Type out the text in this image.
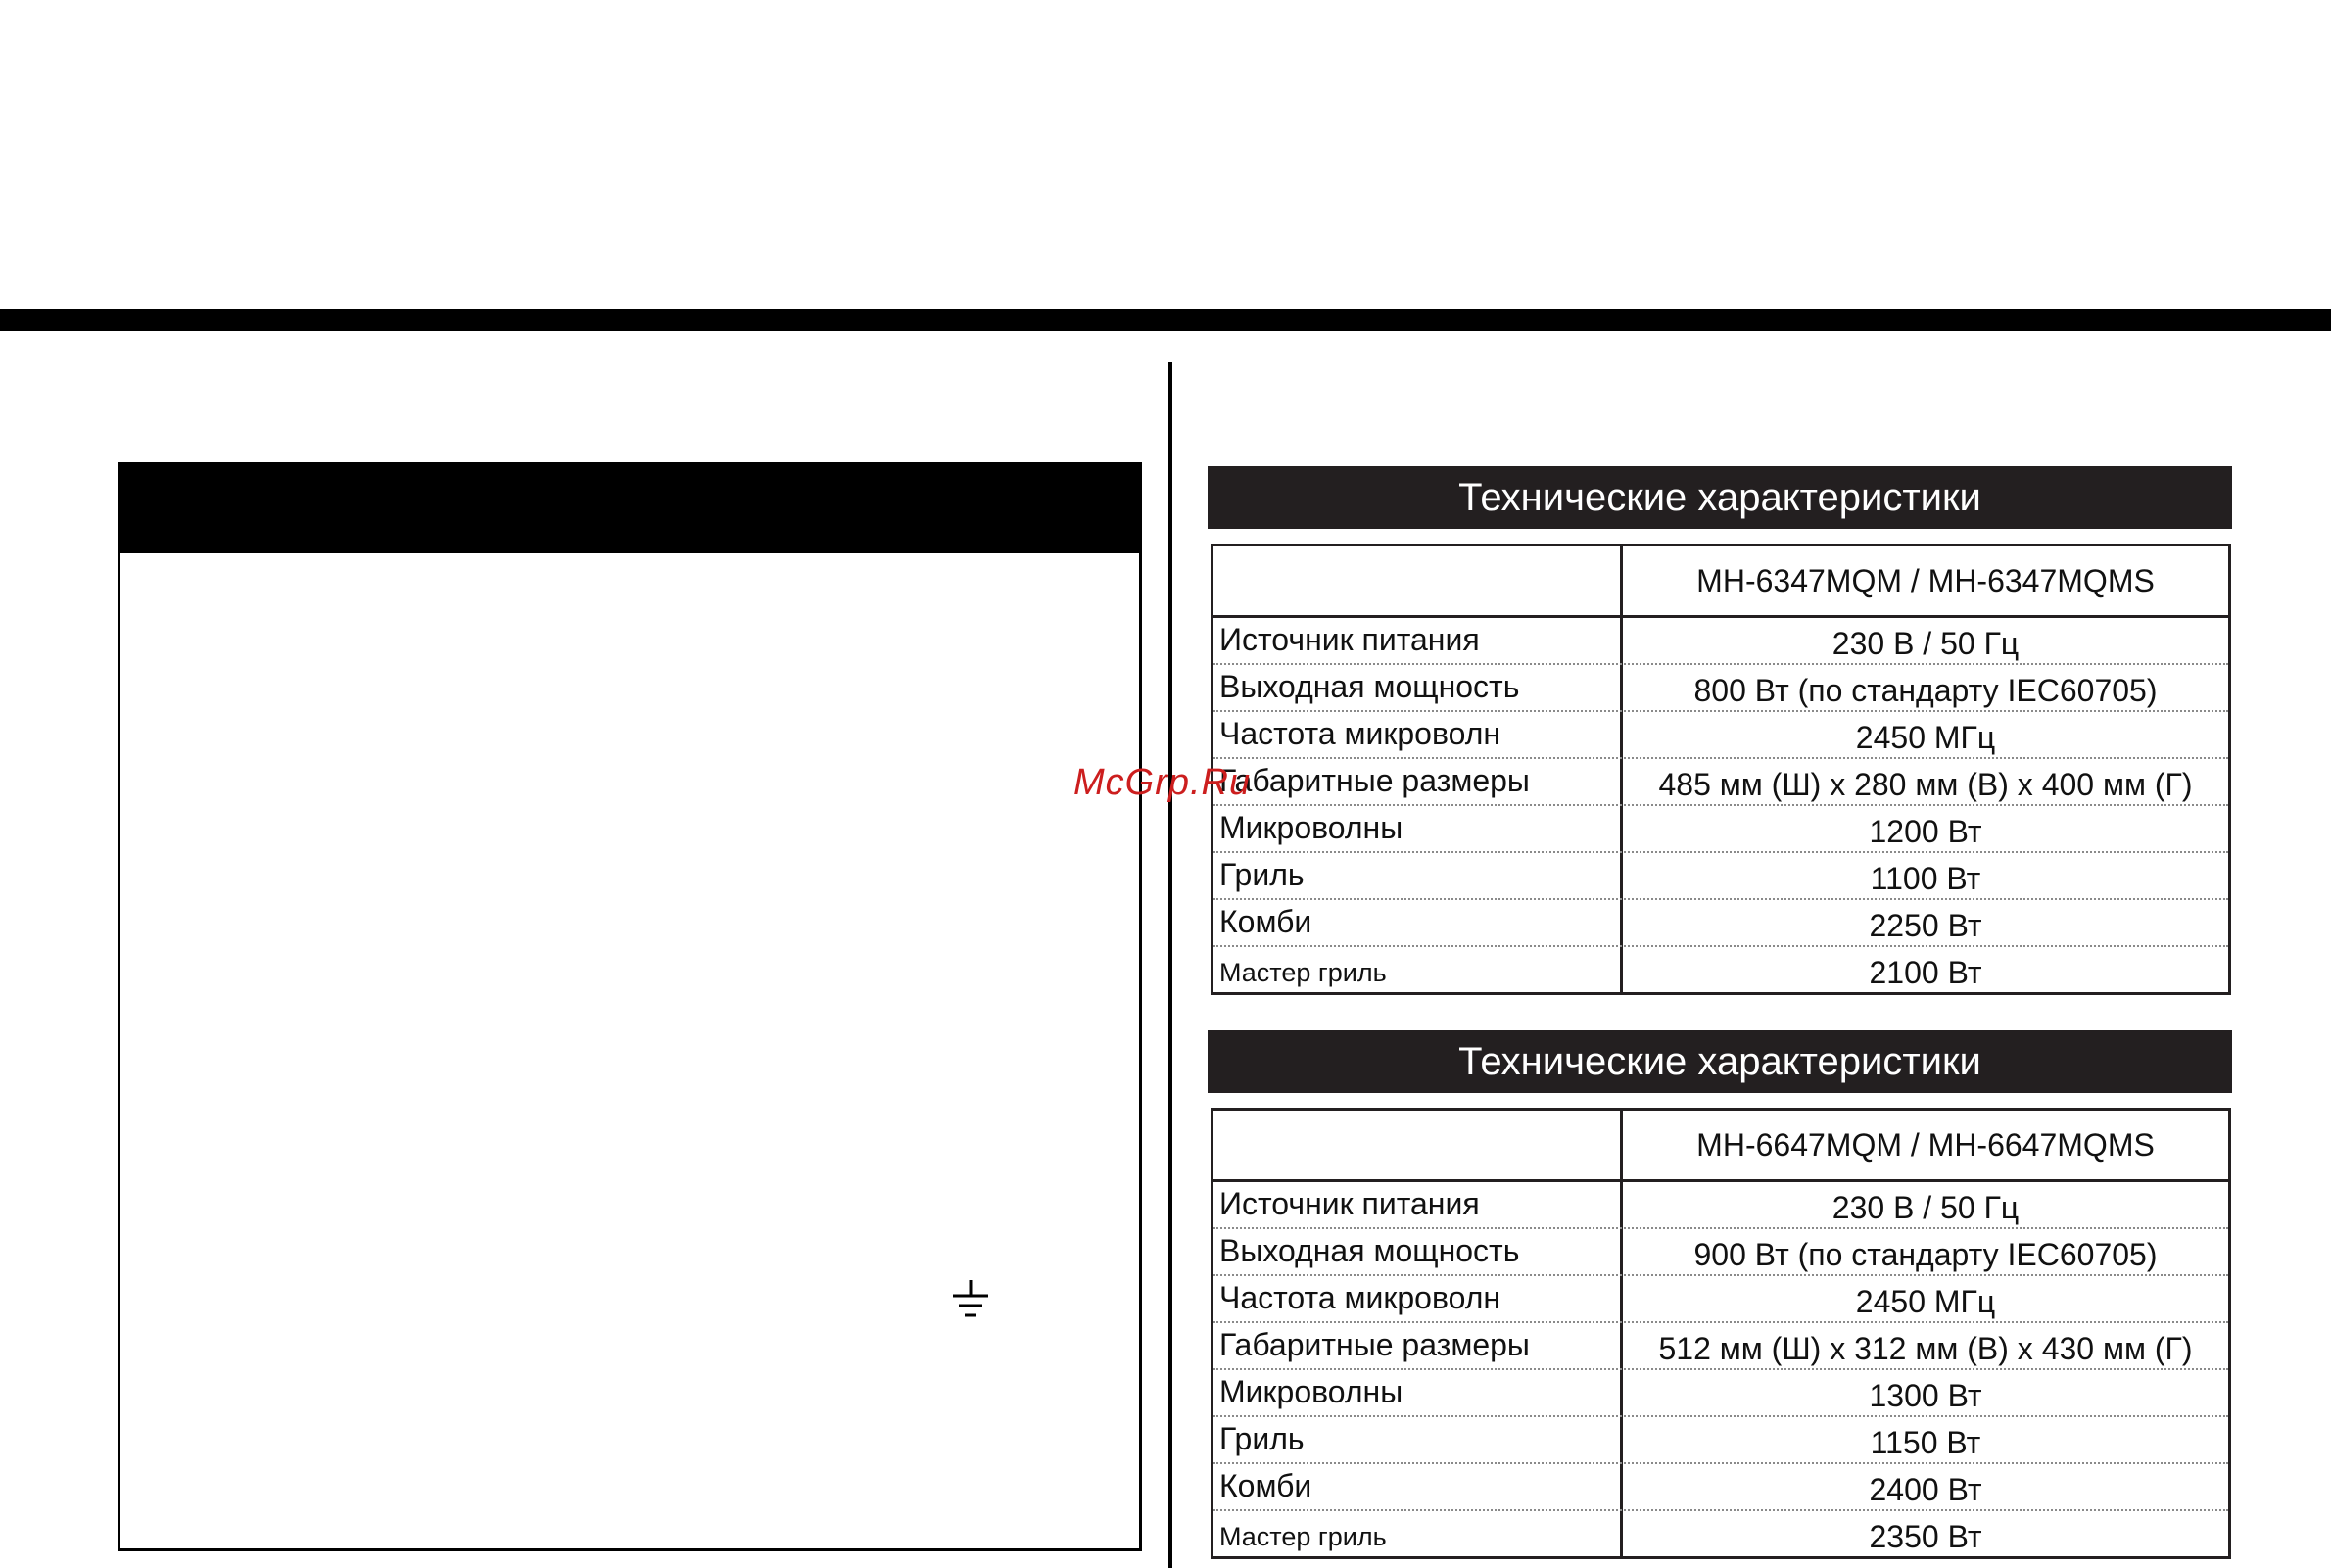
Технические характеристики
MH-6347MQM / MH-6347MQMS
Источник питания	230 В / 50 Гц
Выходная мощность	800 Вт (по стандарту IEC60705)
Частота микроволн	2450 МГц
Габаритные размеры	485 мм (Ш) x 280 мм (В) x 400 мм (Г)
Микроволны	1200 Вт
Гриль	1100 Вт
Комби	2250 Вт
Мастер гриль	2100 Вт
Технические характеристики
MH-6647MQM / MH-6647MQMS
Источник питания	230 В / 50 Гц
Выходная мощность	900 Вт (по стандарту IEC60705)
Частота микроволн	2450 МГц
Габаритные размеры	512 мм (Ш) x 312 мм (В) x 430 мм (Г)
Микроволны	1300 Вт
Гриль	1150 Вт
Комби	2400 Вт
Мастер гриль	2350 Вт
McGrp.Ru
